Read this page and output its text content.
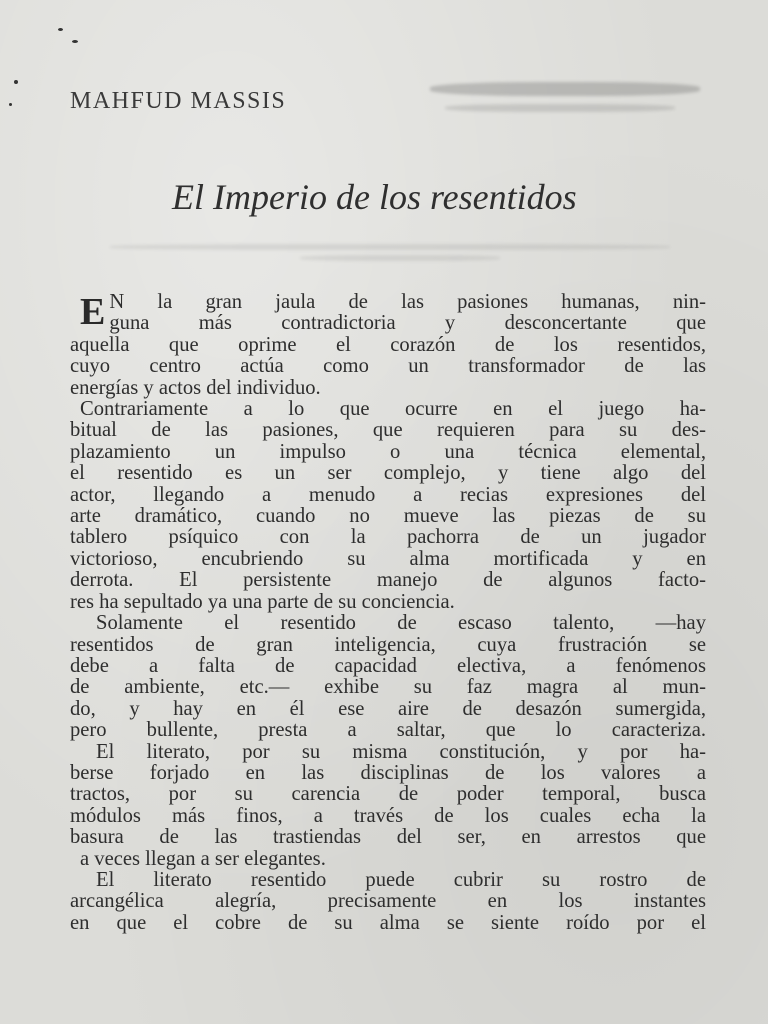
MAHFUD MASSIS
El Imperio de los resentidos
E N la gran jaula de las pasiones humanas, nin-
guna más contradictoria y desconcertante que
aquella que oprime el corazón de los resentidos,
cuyo centro actúa como un transformador de las
energías y actos del individuo.
Contrariamente a lo que ocurre en el juego ha-
bitual de las pasiones, que requieren para su des-
plazamiento un impulso o una técnica elemental,
el resentido es un ser complejo, y tiene algo del
actor, llegando a menudo a recias expresiones del
arte dramático, cuando no mueve las piezas de su
tablero psíquico con la pachorra de un jugador
victorioso, encubriendo su alma mortificada y en
derrota. El persistente manejo de algunos facto-
res ha sepultado ya una parte de su conciencia.
Solamente el resentido de escaso talento, —hay
resentidos de gran inteligencia, cuya frustración se
debe a falta de capacidad electiva, a fenómenos
de ambiente, etc.— exhibe su faz magra al mun-
do, y hay en él ese aire de desazón sumergida,
pero bullente, presta a saltar, que lo caracteriza.
El literato, por su misma constitución, y por ha-
berse forjado en las disciplinas de los valores a
tractos, por su carencia de poder temporal, busca
módulos más finos, a través de los cuales echa la
basura de las trastiendas del ser, en arrestos que
a veces llegan a ser elegantes.
El literato resentido puede cubrir su rostro de
arcangélica alegría, precisamente en los instantes
en que el cobre de su alma se siente roído por el
